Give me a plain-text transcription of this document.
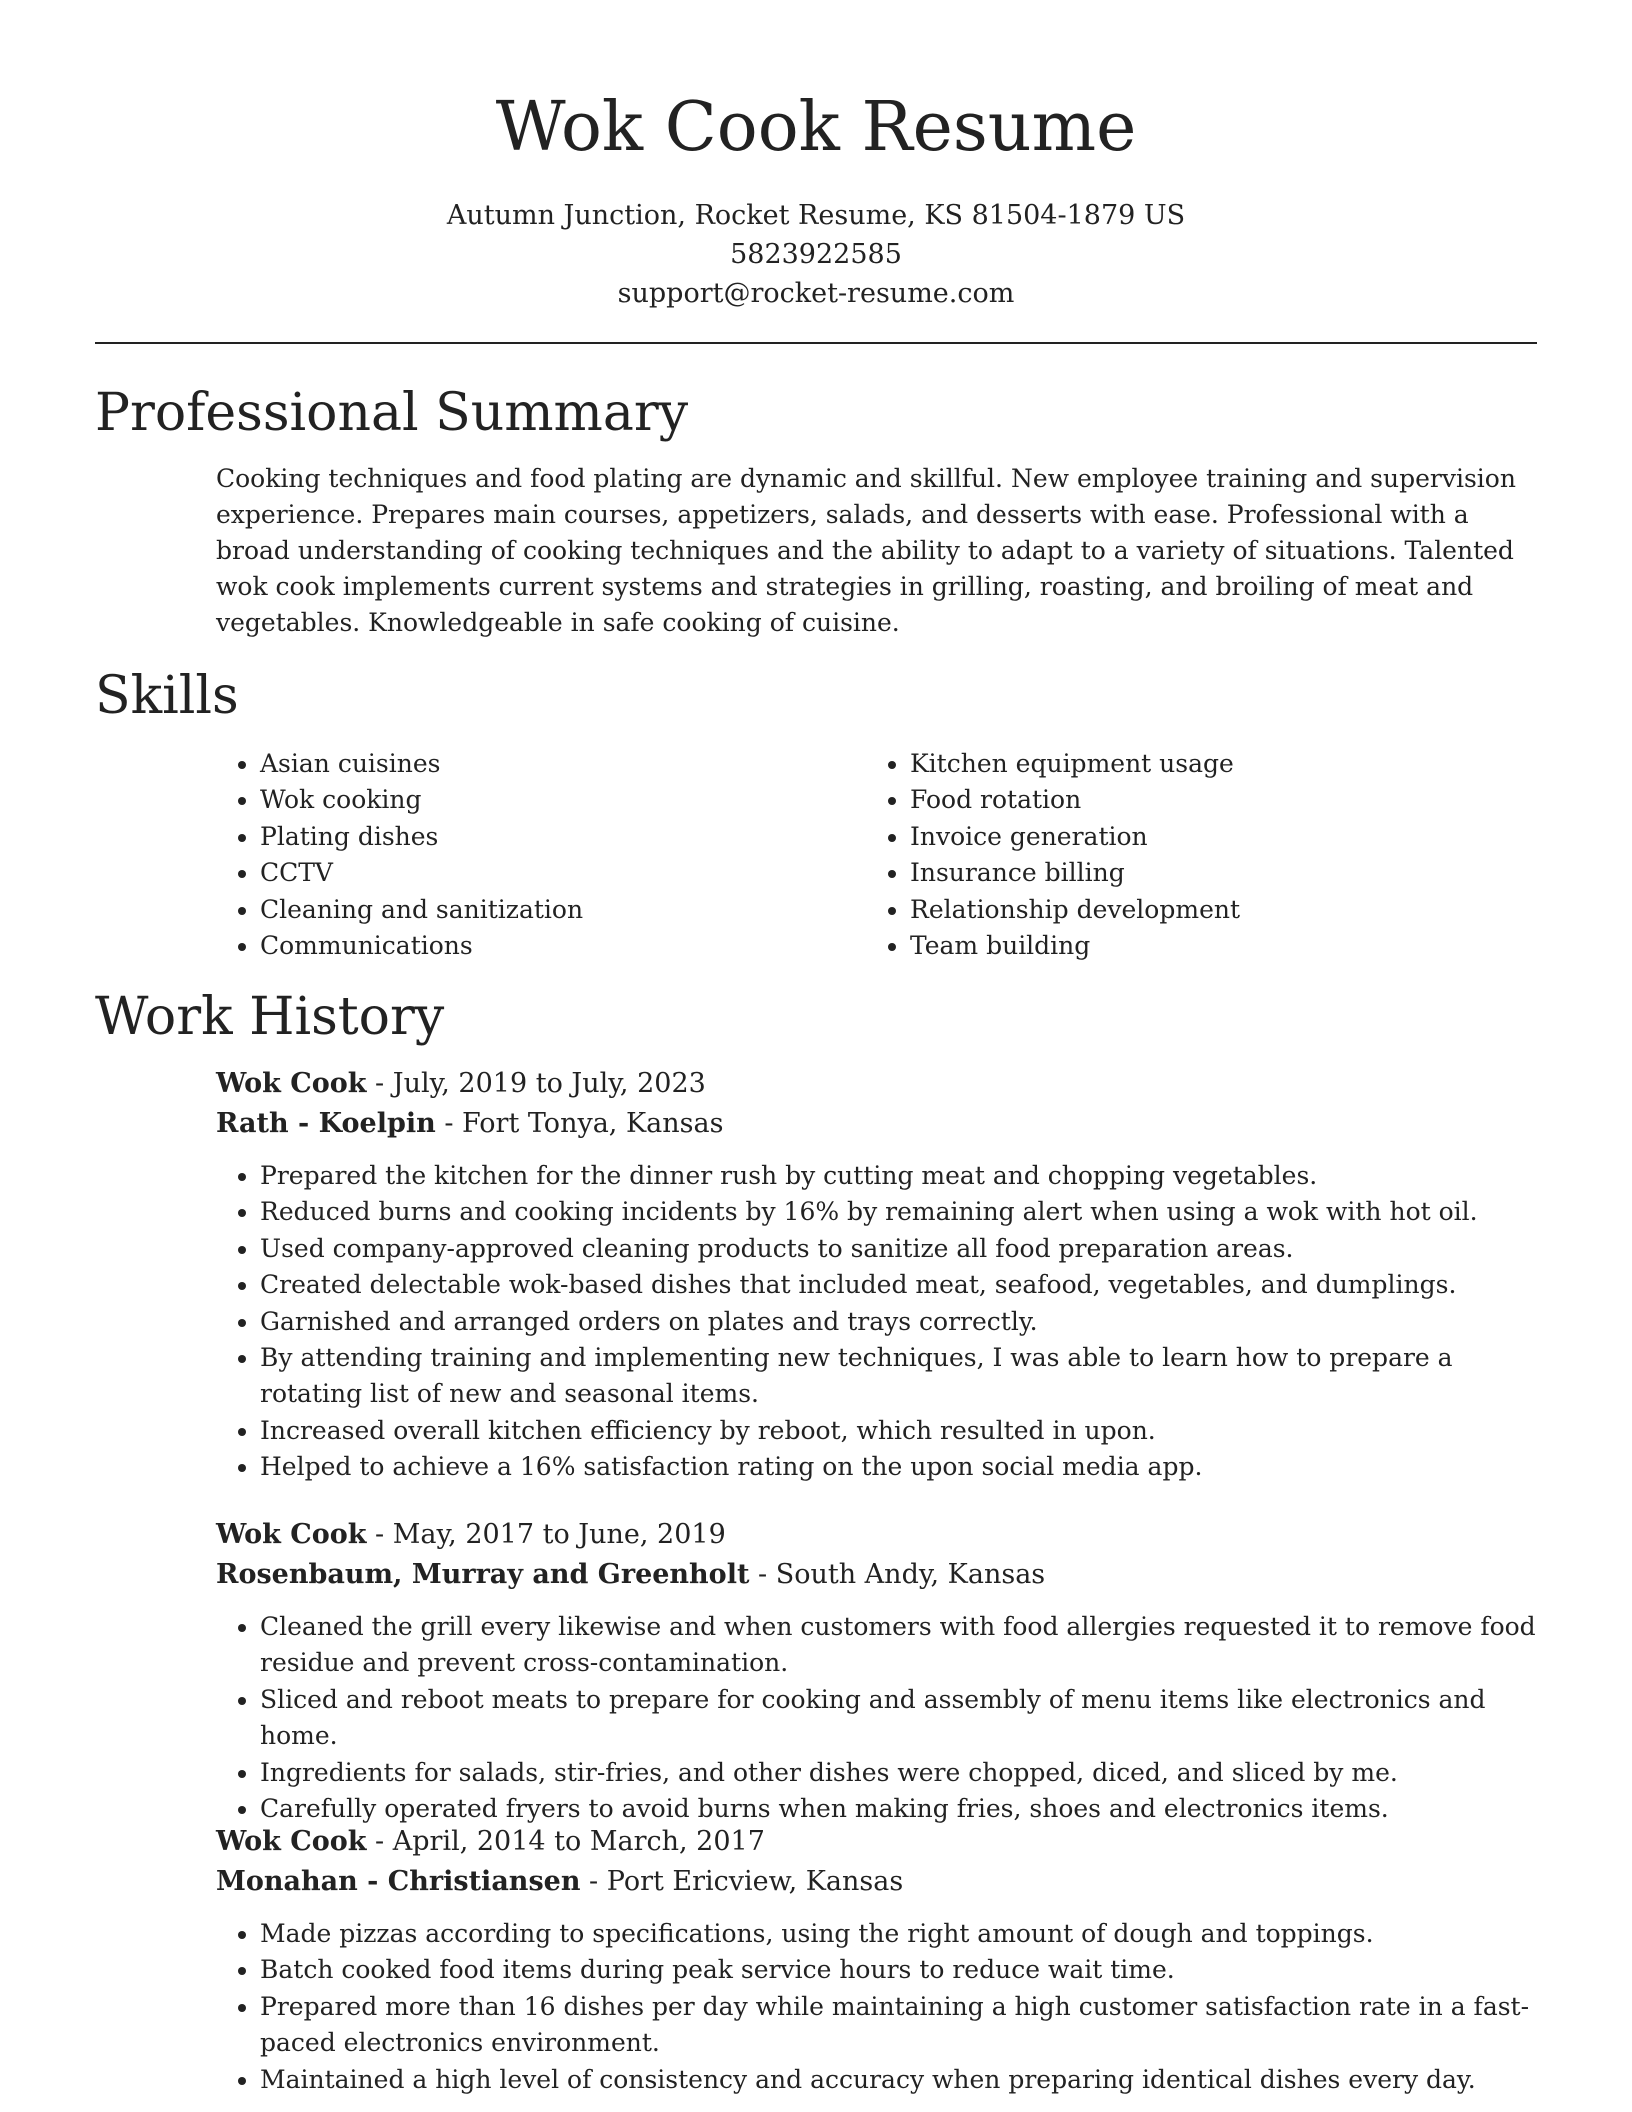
Wok Cook Resume
Autumn Junction, Rocket Resume, KS 81504-1879 US
5823922585
support@rocket-resume.com
Professional Summary

Cooking techniques and food plating are dynamic and skillful. New employee training and supervision experience. Prepares main courses, appetizers, salads, and desserts with ease. Professional with a broad understanding of cooking techniques and the ability to adapt to a variety of situations. Talented wok cook implements current systems and strategies in grilling, roasting, and broiling of meat and vegetables. Knowledgeable in safe cooking of cuisine.

Skills
• Asian cuisines
• Wok cooking
• Plating dishes
• CCTV
• Cleaning and sanitization
• Communications
• Kitchen equipment usage
• Food rotation
• Invoice generation
• Insurance billing
• Relationship development
• Team building
Work History
Wok Cook - July, 2019 to July, 2023
Rath - Koelpin - Fort Tonya, Kansas
• Prepared the kitchen for the dinner rush by cutting meat and chopping vegetables.
• Reduced burns and cooking incidents by 16% by remaining alert when using a wok with hot oil.
• Used company-approved cleaning products to sanitize all food preparation areas.
• Created delectable wok-based dishes that included meat, seafood, vegetables, and dumplings.
• Garnished and arranged orders on plates and trays correctly.
• By attending training and implementing new techniques, I was able to learn how to prepare a rotating list of new and seasonal items.
• Increased overall kitchen efficiency by reboot, which resulted in upon.
• Helped to achieve a 16% satisfaction rating on the upon social media app.
Wok Cook - May, 2017 to June, 2019
Rosenbaum, Murray and Greenholt - South Andy, Kansas
• Cleaned the grill every likewise and when customers with food allergies requested it to remove food residue and prevent cross-contamination.
• Sliced and reboot meats to prepare for cooking and assembly of menu items like electronics and home.
• Ingredients for salads, stir-fries, and other dishes were chopped, diced, and sliced by me.
• Carefully operated fryers to avoid burns when making fries, shoes and electronics items.
Wok Cook - April, 2014 to March, 2017
Monahan - Christiansen - Port Ericview, Kansas
• Made pizzas according to specifications, using the right amount of dough and toppings.
• Batch cooked food items during peak service hours to reduce wait time.
• Prepared more than 16 dishes per day while maintaining a high customer satisfaction rate in a fast-paced electronics environment.
• Maintained a high level of consistency and accuracy when preparing identical dishes every day.
